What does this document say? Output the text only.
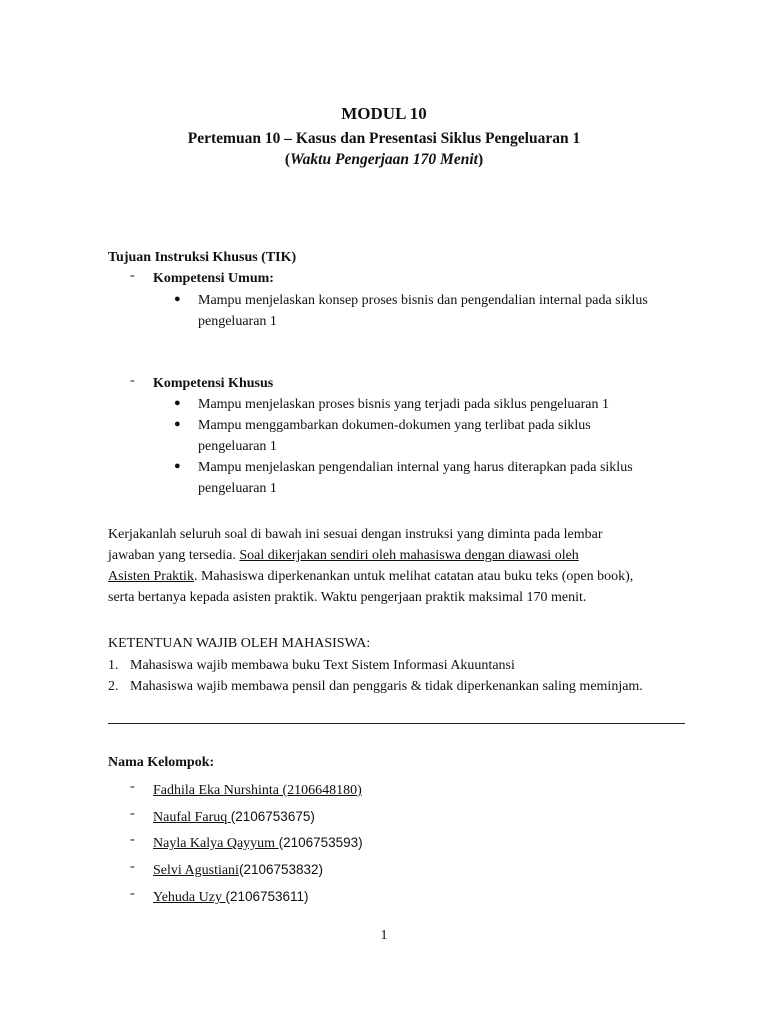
MODUL 10
Pertemuan 10 – Kasus dan Presentasi Siklus Pengeluaran 1
(Waktu Pengerjaan 170 Menit)
Tujuan Instruksi Khusus (TIK)
- Kompetensi Umum:
● Mampu menjelaskan konsep proses bisnis dan pengendalian internal pada siklus
pengeluaran 1
- Kompetensi Khusus
● Mampu menjelaskan proses bisnis yang terjadi pada siklus pengeluaran 1
● Mampu menggambarkan dokumen-dokumen yang terlibat pada siklus
pengeluaran 1
● Mampu menjelaskan pengendalian internal yang harus diterapkan pada siklus
pengeluaran 1
Kerjakanlah seluruh soal di bawah ini sesuai dengan instruksi yang diminta pada lembar
jawaban yang tersedia. Soal dikerjakan sendiri oleh mahasiswa dengan diawasi oleh
Asisten Praktik. Mahasiswa diperkenankan untuk melihat catatan atau buku teks (open book),
serta bertanya kepada asisten praktik. Waktu pengerjaan praktik maksimal 170 menit.
KETENTUAN WAJIB OLEH MAHASISWA:
1. Mahasiswa wajib membawa buku Text Sistem Informasi Akuuntansi
2. Mahasiswa wajib membawa pensil dan penggaris & tidak diperkenankan saling meminjam.
Nama Kelompok:
- Fadhila Eka Nurshinta (2106648180)
- Naufal Faruq (2106753675)
- Nayla Kalya Qayyum (2106753593)
- Selvi Agustiani(2106753832)
- Yehuda Uzy (2106753611)
1
